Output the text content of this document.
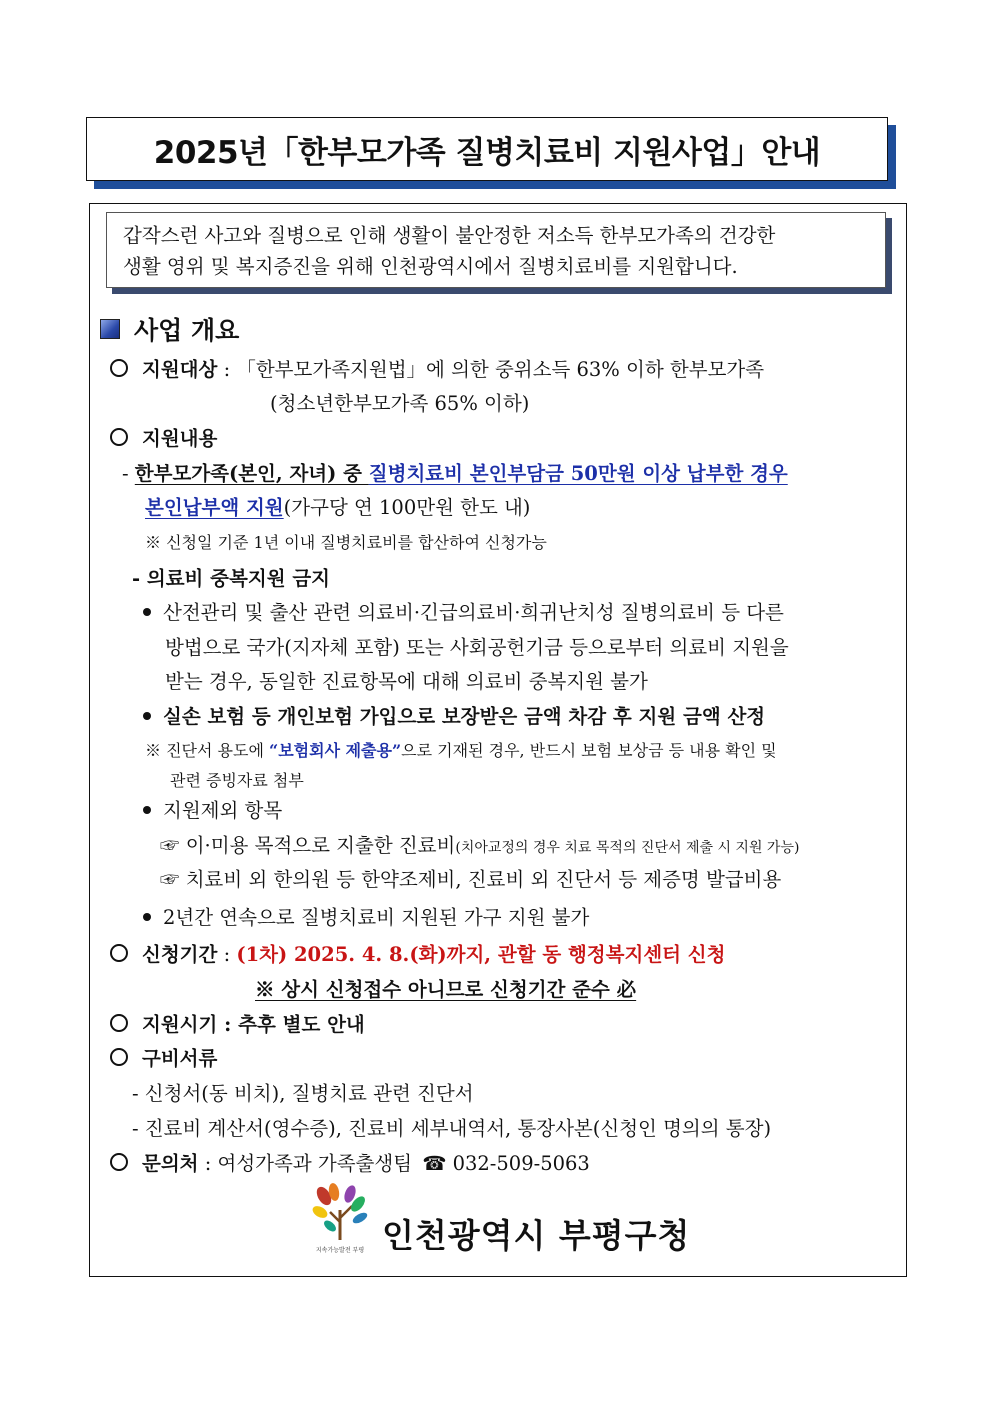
2025년「한부모가족 질병치료비 지원사업」안내
갑작스런 사고와 질병으로 인해 생활이 불안정한 저소득 한부모가족의 건강한
생활 영위 및 복지증진을 위해 인천광역시에서 질병치료비를 지원합니다.
사업 개요
지원대상 : 「한부모가족지원법」에 의한 중위소득 63% 이하 한부모가족
(청소년한부모가족 65% 이하)
지원내용
- 한부모가족(본인, 자녀) 중 질병치료비 본인부담금 50만원 이상 납부한 경우
본인납부액 지원(가구당 연 100만원 한도 내)
※ 신청일 기준 1년 이내 질병치료비를 합산하여 신청가능
- 의료비 중복지원 금지
산전관리 및 출산 관련 의료비·긴급의료비·희귀난치성 질병의료비 등 다른
방법으로 국가(지자체 포함) 또는 사회공헌기금 등으로부터 의료비 지원을
받는 경우, 동일한 진료항목에 대해 의료비 중복지원 불가
실손 보험 등 개인보험 가입으로 보장받은 금액 차감 후 지원 금액 산정
※ 진단서 용도에 “보험회사 제출용”으로 기재된 경우, 반드시 보험 보상금 등 내용 확인 및
관련 증빙자료 첨부
지원제외 항목
☞ 이·미용 목적으로 지출한 진료비(치아교정의 경우 치료 목적의 진단서 제출 시 지원 가능)
☞ 치료비 외 한의원 등 한약조제비, 진료비 외 진단서 등 제증명 발급비용
2년간 연속으로 질병치료비 지원된 가구 지원 불가
신청기간 : (1차) 2025. 4. 8.(화)까지, 관할 동 행정복지센터 신청
※ 상시 신청접수 아니므로 신청기간 준수 必
지원시기 : 추후 별도 안내
구비서류
- 신청서(동 비치), 질병치료 관련 진단서
- 진료비 계산서(영수증), 진료비 세부내역서, 통장사본(신청인 명의의 통장)
문의처 : 여성가족과 가족출생팀 ☎ 032-509-5063
지속가능발전 부평 인천광역시 부평구청
